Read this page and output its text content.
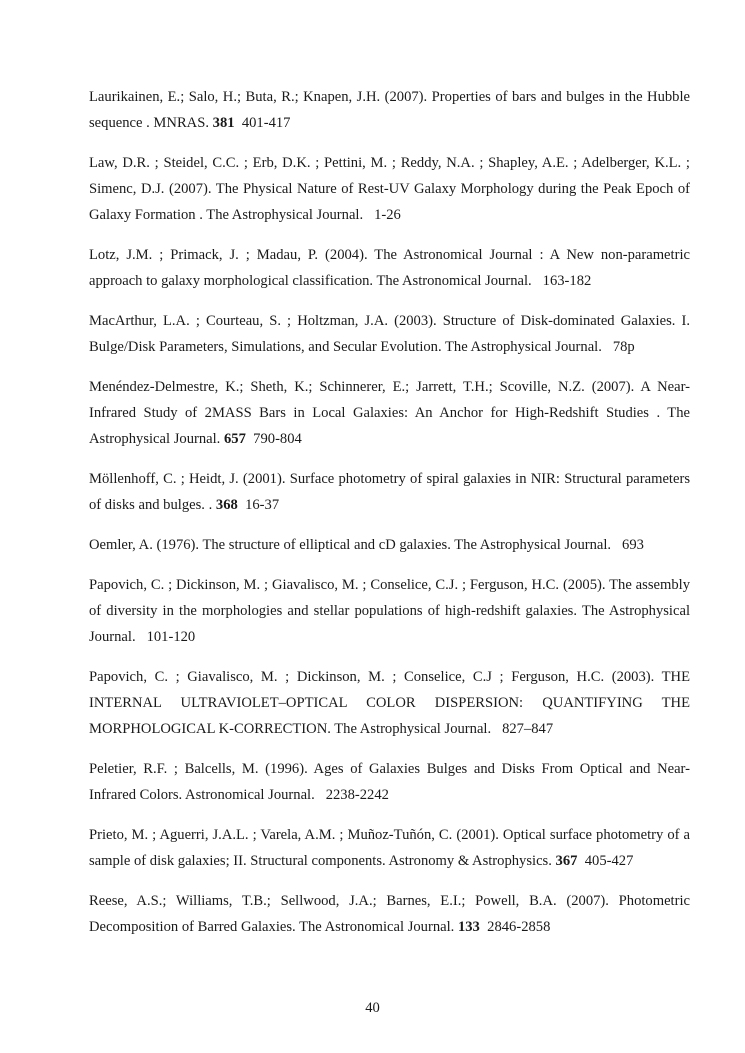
Laurikainen, E.; Salo, H.; Buta, R.; Knapen, J.H. (2007). Properties of bars and bulges in the Hubble sequence . MNRAS. 381  401-417

Law, D.R. ; Steidel, C.C. ; Erb, D.K. ; Pettini, M. ; Reddy, N.A. ; Shapley, A.E. ; Adelberger, K.L. ; Simenc, D.J. (2007). The Physical Nature of Rest-UV Galaxy Morphology during the Peak Epoch of Galaxy Formation . The Astrophysical Journal.   1-26

Lotz, J.M. ; Primack, J. ; Madau, P. (2004). The Astronomical Journal : A New non-parametric approach to galaxy morphological classification. The Astronomical Journal.   163-182

MacArthur, L.A. ; Courteau, S. ; Holtzman, J.A. (2003). Structure of Disk-dominated Galaxies. I. Bulge/Disk Parameters, Simulations, and Secular Evolution. The Astrophysical Journal.   78p

Menéndez-Delmestre, K.; Sheth, K.; Schinnerer, E.; Jarrett, T.H.; Scoville, N.Z. (2007). A Near-Infrared Study of 2MASS Bars in Local Galaxies: An Anchor for High-Redshift Studies . The Astrophysical Journal. 657  790-804

Möllenhoff, C. ; Heidt, J. (2001). Surface photometry of spiral galaxies in NIR: Structural parameters of disks and bulges. . 368  16-37

Oemler, A. (1976). The structure of elliptical and cD galaxies. The Astrophysical Journal.   693

Papovich, C. ; Dickinson, M. ; Giavalisco, M. ; Conselice, C.J. ; Ferguson, H.C. (2005). The assembly of diversity in the morphologies and stellar populations of high-redshift galaxies. The Astrophysical Journal.   101-120

Papovich, C. ; Giavalisco, M. ; Dickinson, M. ; Conselice, C.J ; Ferguson, H.C. (2003). THE INTERNAL ULTRAVIOLET–OPTICAL COLOR DISPERSION: QUANTIFYING THE MORPHOLOGICAL K-CORRECTION. The Astrophysical Journal.   827–847

Peletier, R.F. ; Balcells, M. (1996). Ages of Galaxies Bulges and Disks From Optical and Near-Infrared Colors. Astronomical Journal.   2238-2242

Prieto, M. ; Aguerri, J.A.L. ; Varela, A.M. ; Muñoz-Tuñón, C. (2001). Optical surface photometry of a sample of disk galaxies; II. Structural components. Astronomy & Astrophysics. 367  405-427

Reese, A.S.; Williams, T.B.; Sellwood, J.A.; Barnes, E.I.; Powell, B.A. (2007). Photometric Decomposition of Barred Galaxies. The Astronomical Journal. 133  2846-2858

40
